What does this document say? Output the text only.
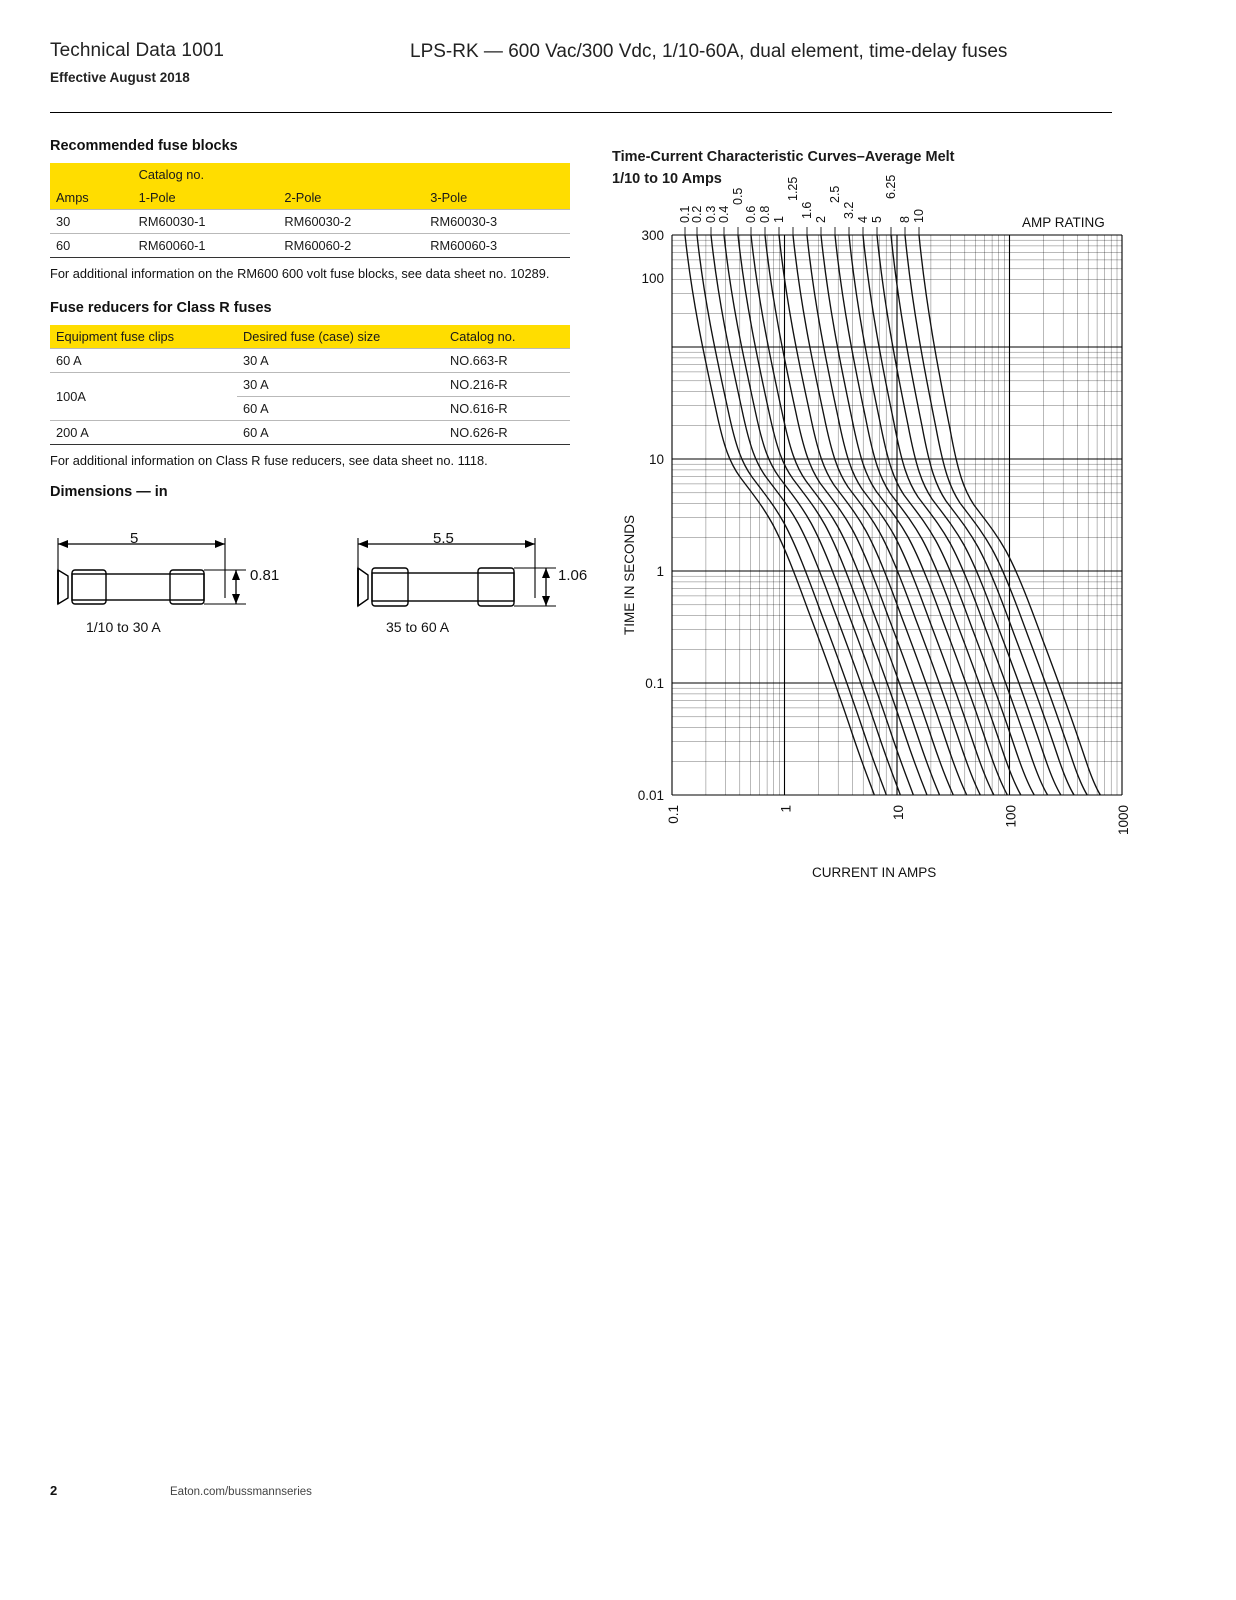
Technical Data 1001
Effective August 2018
LPS-RK — 600 Vac/300 Vdc, 1/10-60A, dual element, time-delay fuses
Recommended fuse blocks
	Catalog no.		
Amps	1-Pole	2-Pole	3-Pole
30	RM60030-1	RM60030-2	RM60030-3
60	RM60060-1	RM60060-2	RM60060-3

For additional information on the RM600 600 volt fuse blocks, see data sheet no. 10289.

Fuse reducers for Class R fuses
Equipment fuse clips	Desired fuse (case) size	Catalog no.
60 A	30 A	NO.663-R
100A	30 A	NO.216-R
	60 A	NO.616-R
200 A	60 A	NO.626-R

For additional information on Class R fuse reducers, see data sheet no. 1118.

Dimensions — in
5
0.81
1/10 to 30 A
5.5
1.06
35 to 60 A
Time-Current Characteristic Curves–Average Melt
1/10 to 10 Amps
0.1
0.2 0.3 0.4
0.5
0.6 0.8 1
1.25
1.6
2
2.5
3.2
4 5
6.25
8 10
300
100
10
1
0.1
0.01
0.1	1	10	100	1000
TIME IN SECONDS
CURRENT IN AMPS
AMP RATING
2	Eaton.com/bussmannseries
